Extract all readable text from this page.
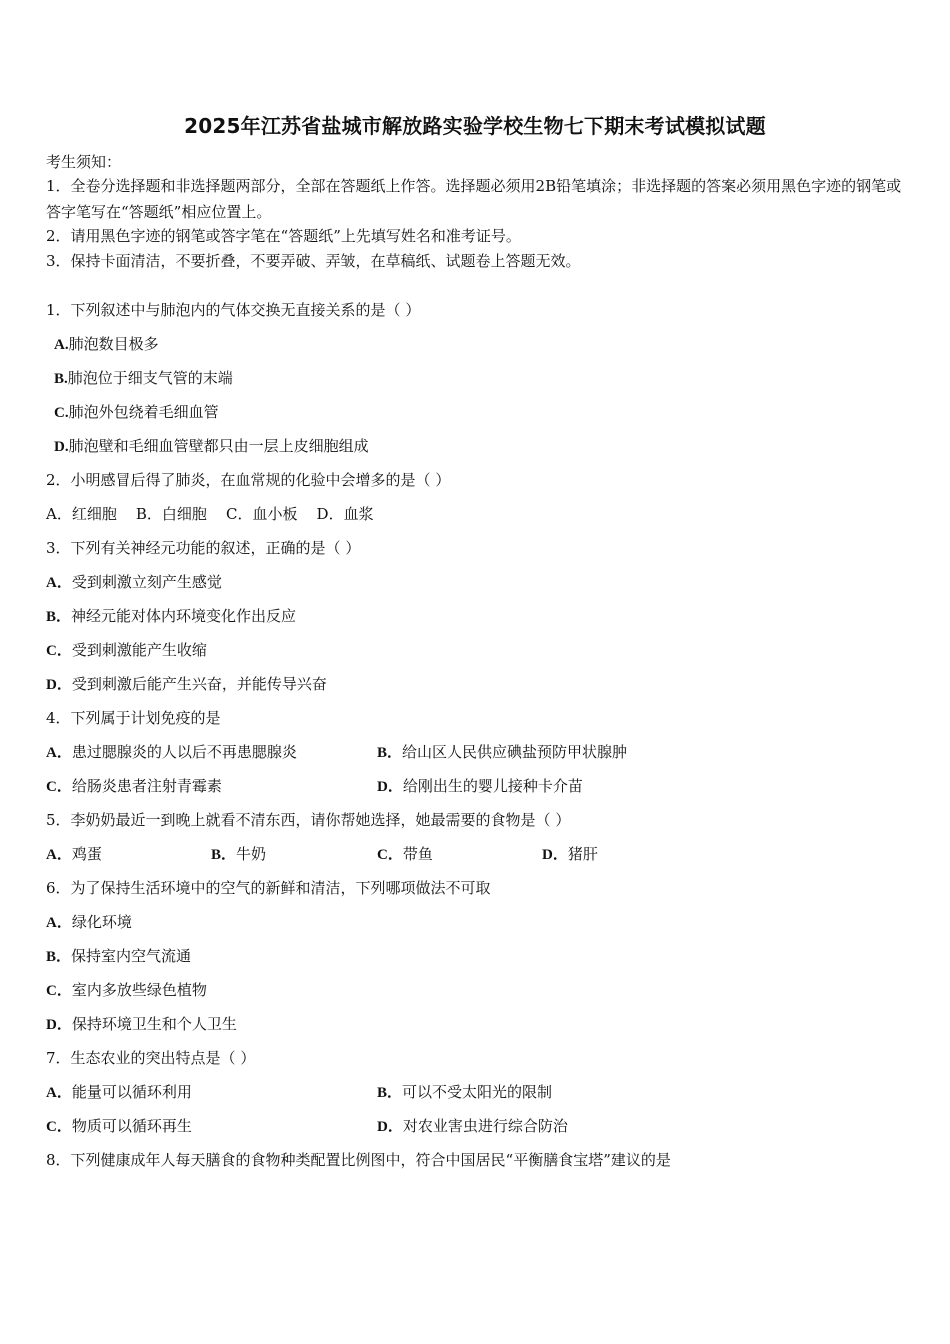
2025年江苏省盐城市解放路实验学校生物七下期末考试模拟试题
考生须知：
1．全卷分选择题和非选择题两部分，全部在答题纸上作答。选择题必须用2B铅笔填涂；非选择题的答案必须用黑色字迹的钢笔或答字笔写在“答题纸”相应位置上。
2．请用黑色字迹的钢笔或答字笔在“答题纸”上先填写姓名和准考证号。
3．保持卡面清洁，不要折叠，不要弄破、弄皱，在草稿纸、试题卷上答题无效。
1．下列叙述中与肺泡内的气体交换无直接关系的是（ ）
A.肺泡数目极多
B.肺泡位于细支气管的末端
C.肺泡外包绕着毛细血管
D.肺泡壁和毛细血管壁都只由一层上皮细胞组成
2．小明感冒后得了肺炎，在血常规的化验中会增多的是（ ）
A．红细胞    B．白细胞    C．血小板    D．血浆
3．下列有关神经元功能的叙述，正确的是（ ）
A．受到刺激立刻产生感觉
B．神经元能对体内环境变化作出反应
C．受到刺激能产生收缩
D．受到刺激后能产生兴奋，并能传导兴奋
4．下列属于计划免疫的是
A．患过腮腺炎的人以后不再患腮腺炎	B．给山区人民供应碘盐预防甲状腺肿
C．给肠炎患者注射青霉素	D．给刚出生的婴儿接种卡介苗
5．李奶奶最近一到晚上就看不清东西，请你帮她选择，她最需要的食物是（ ）
A．鸡蛋	B．牛奶	C．带鱼	D．猪肝
6．为了保持生活环境中的空气的新鲜和清洁，下列哪项做法不可取
A．绿化环境
B．保持室内空气流通
C．室内多放些绿色植物
D．保持环境卫生和个人卫生
7．生态农业的突出特点是（ ）
A．能量可以循环利用	B．可以不受太阳光的限制
C．物质可以循环再生	D．对农业害虫进行综合防治
8．下列健康成年人每天膳食的食物种类配置比例图中，符合中国居民“平衡膳食宝塔”建议的是
